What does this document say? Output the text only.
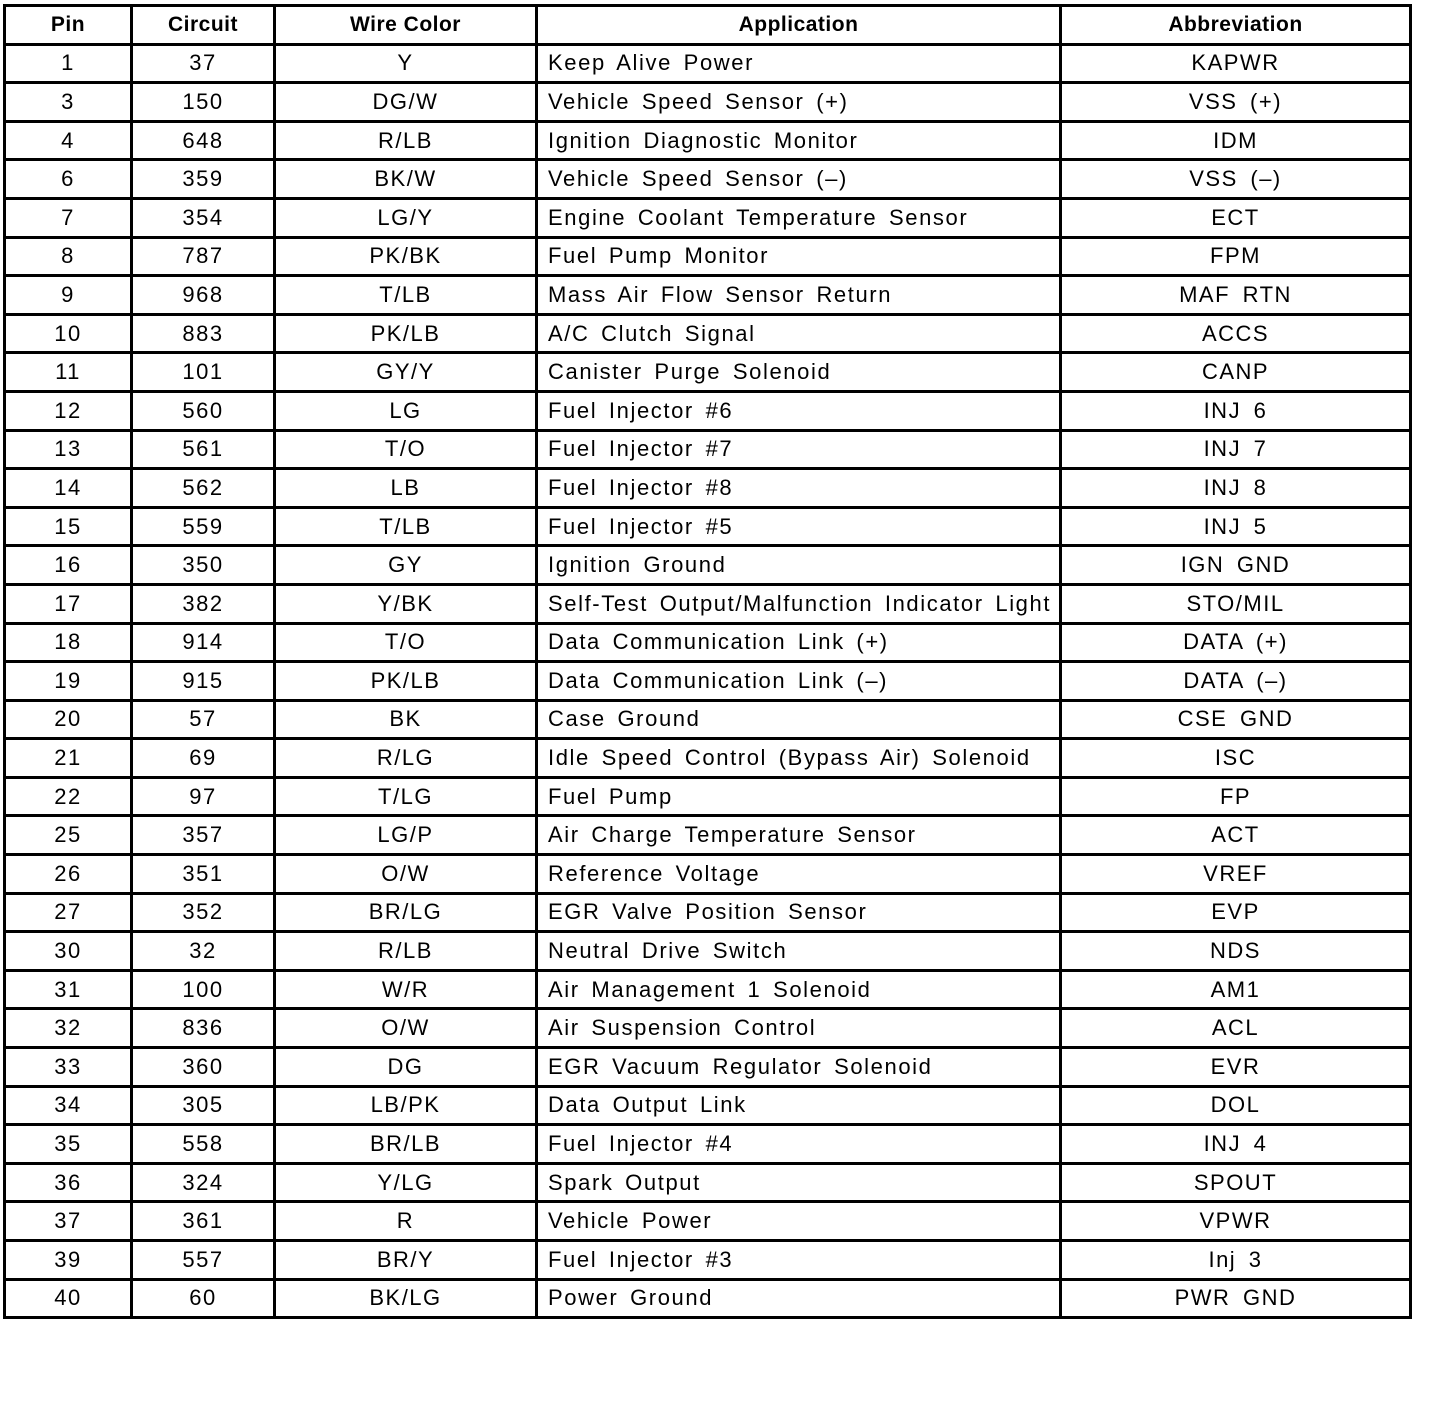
Pin	Circuit	Wire Color	Application	Abbreviation
1	37	Y	Keep Alive Power	KAPWR
3	150	DG/W	Vehicle Speed Sensor (+)	VSS (+)
4	648	R/LB	Ignition Diagnostic Monitor	IDM
6	359	BK/W	Vehicle Speed Sensor (–)	VSS (–)
7	354	LG/Y	Engine Coolant Temperature Sensor	ECT
8	787	PK/BK	Fuel Pump Monitor	FPM
9	968	T/LB	Mass Air Flow Sensor Return	MAF RTN
10	883	PK/LB	A/C Clutch Signal	ACCS
11	101	GY/Y	Canister Purge Solenoid	CANP
12	560	LG	Fuel Injector #6	INJ 6
13	561	T/O	Fuel Injector #7	INJ 7
14	562	LB	Fuel Injector #8	INJ 8
15	559	T/LB	Fuel Injector #5	INJ 5
16	350	GY	Ignition Ground	IGN GND
17	382	Y/BK	Self-Test Output/Malfunction Indicator Light	STO/MIL
18	914	T/O	Data Communication Link (+)	DATA (+)
19	915	PK/LB	Data Communication Link (–)	DATA (–)
20	57	BK	Case Ground	CSE GND
21	69	R/LG	Idle Speed Control (Bypass Air) Solenoid	ISC
22	97	T/LG	Fuel Pump	FP
25	357	LG/P	Air Charge Temperature Sensor	ACT
26	351	O/W	Reference Voltage	VREF
27	352	BR/LG	EGR Valve Position Sensor	EVP
30	32	R/LB	Neutral Drive Switch	NDS
31	100	W/R	Air Management 1 Solenoid	AM1
32	836	O/W	Air Suspension Control	ACL
33	360	DG	EGR Vacuum Regulator Solenoid	EVR
34	305	LB/PK	Data Output Link	DOL
35	558	BR/LB	Fuel Injector #4	INJ 4
36	324	Y/LG	Spark Output	SPOUT
37	361	R	Vehicle Power	VPWR
39	557	BR/Y	Fuel Injector #3	Inj 3
40	60	BK/LG	Power Ground	PWR GND
